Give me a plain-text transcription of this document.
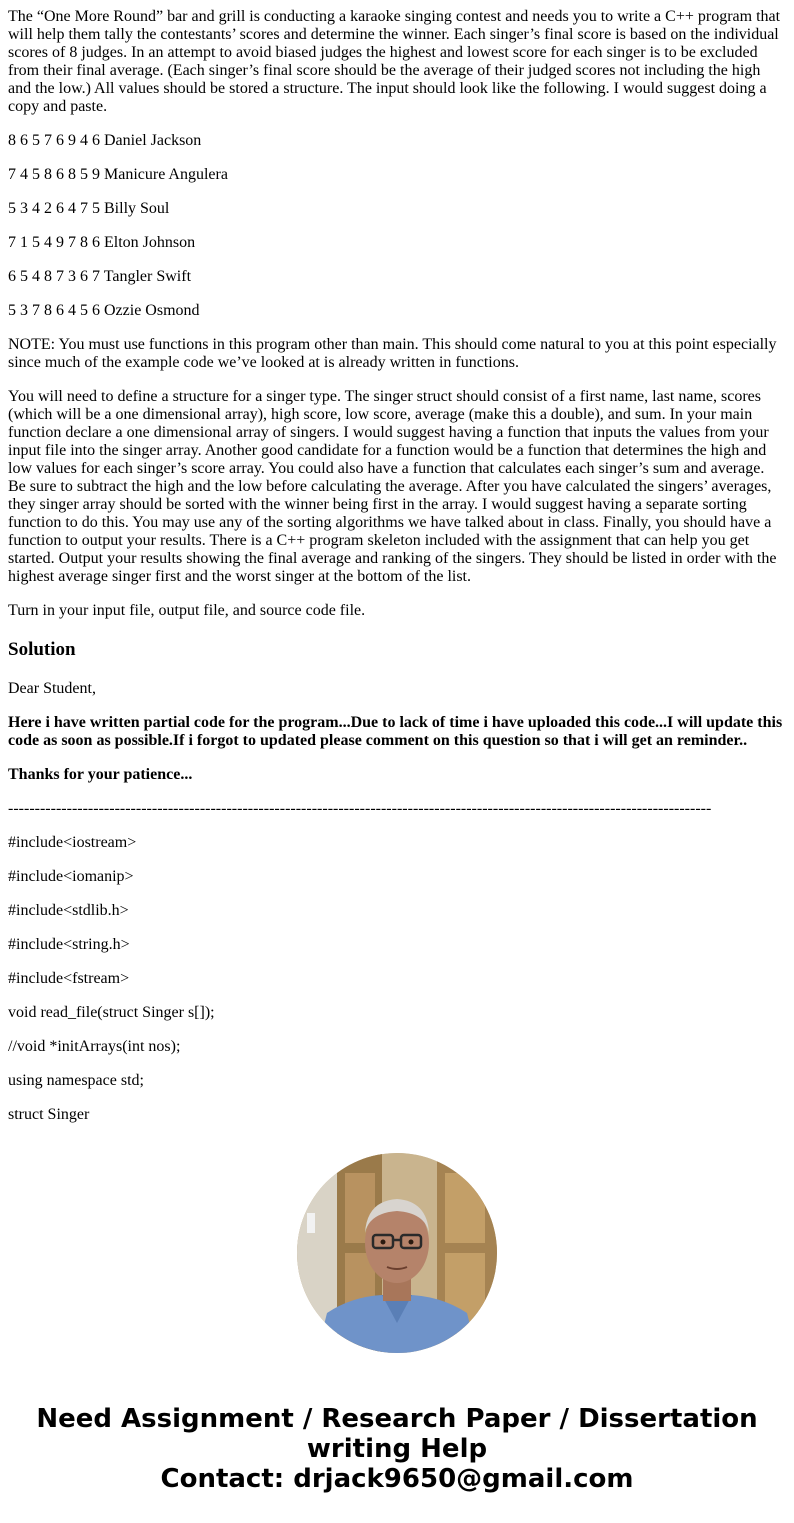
The “One More Round” bar and grill is conducting a karaoke singing contest and needs you to write a C++ program that will help them tally the contestants’ scores and determine the winner. Each singer’s final score is based on the individual scores of 8 judges. In an attempt to avoid biased judges the highest and lowest score for each singer is to be excluded from their final average. (Each singer’s final score should be the average of their judged scores not including the high and the low.) All values should be stored a structure. The input should look like the following. I would suggest doing a copy and paste.

8 6 5 7 6 9 4 6 Daniel Jackson

7 4 5 8 6 8 5 9 Manicure Angulera

5 3 4 2 6 4 7 5 Billy Soul

7 1 5 4 9 7 8 6 Elton Johnson

6 5 4 8 7 3 6 7 Tangler Swift

5 3 7 8 6 4 5 6 Ozzie Osmond

NOTE: You must use functions in this program other than main. This should come natural to you at this point especially since much of the example code we’ve looked at is already written in functions.

You will need to define a structure for a singer type. The singer struct should consist of a first name, last name, scores (which will be a one dimensional array), high score, low score, average (make this a double), and sum. In your main function declare a one dimensional array of singers. I would suggest having a function that inputs the values from your input file into the singer array. Another good candidate for a function would be a function that determines the high and low values for each singer’s score array. You could also have a function that calculates each singer’s sum and average. Be sure to subtract the high and the low before calculating the average. After you have calculated the singers’ averages, they singer array should be sorted with the winner being first in the array. I would suggest having a separate sorting function to do this. You may use any of the sorting algorithms we have talked about in class. Finally, you should have a function to output your results. There is a C++ program skeleton included with the assignment that can help you get started. Output your results showing the final average and ranking of the singers. They should be listed in order with the highest average singer first and the worst singer at the bottom of the list.

Turn in your input file, output file, and source code file.

Solution

Dear Student,

Here i have written partial code for the program...Due to lack of time i have uploaded this code...I will update this code as soon as possible.If i forgot to updated please comment on this question so that i will get an reminder..

Thanks for your patience...

------------------------------------------------------------------------------------------------------------------------------------

#include<iostream>

#include<iomanip>

#include<stdlib.h>

#include<string.h>

#include<fstream>

void read_file(struct Singer s[]);

//void *initArrays(int nos);

using namespace std;

struct Singer

Need Assignment / Research Paper / Dissertation writing Help
Contact: drjack9650@gmail.com
